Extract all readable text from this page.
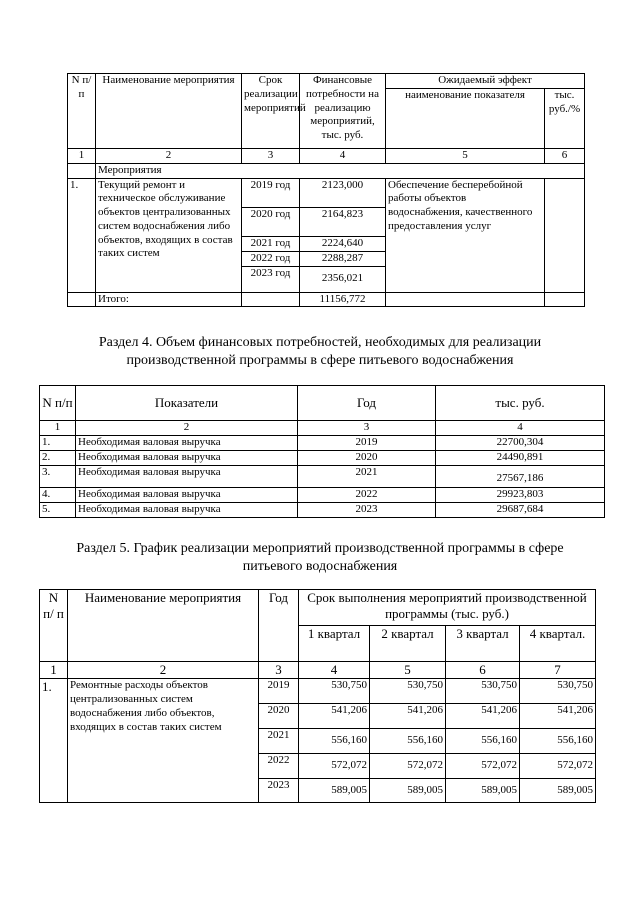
N п/п	Наименование мероприятия	Срок реализации мероприятий	Финансовые потребности на реализацию мероприятий, тыс. руб.	Ожидаемый эффект	
				наименование показателя	тыс. руб./%
1	2	3	4	5	6
	Мероприятия				
1.	Текущий ремонт и техническое обслуживание объектов централизованных систем водоснабжения либо объектов, входящих в состав таких систем	2019 год	2123,000	Обеспечение бесперебойной работы объектов водоснабжения, качественного предоставления услуг	
		2020 год	2164,823		
		2021 год	2224,640		
		2022 год	2288,287		
		2023 год	2356,021		
	Итого:		11156,772		
Раздел 4. Объем финансовых потребностей, необходимых для реализации
производственной программы в сфере питьевого водоснабжения
N п/п	Показатели	Год	тыс. руб.
1	2	3	4
1.	Необходимая валовая выручка	2019	22700,304
2.	Необходимая валовая выручка	2020	24490,891
3.	Необходимая валовая выручка	2021	27567,186
4.	Необходимая валовая выручка	2022	29923,803
5.	Необходимая валовая выручка	2023	29687,684
Раздел 5. График реализации мероприятий производственной программы в сфере
питьевого водоснабжения
N п/ п	Наименование мероприятия	Год	Срок выполнения мероприятий производственной программы (тыс. руб.)			
			1 квартал	2 квартал	3 квартал	4 квартал.
1	2	3	4	5	6	7
1.	Ремонтные расходы объектов централизованных систем водоснабжения либо объектов, входящих в состав таких систем	2019	530,750	530,750	530,750	530,750
		2020	541,206	541,206	541,206	541,206
		2021	556,160	556,160	556,160	556,160
		2022	572,072	572,072	572,072	572,072
		2023	589,005	589,005	589,005	589,005
